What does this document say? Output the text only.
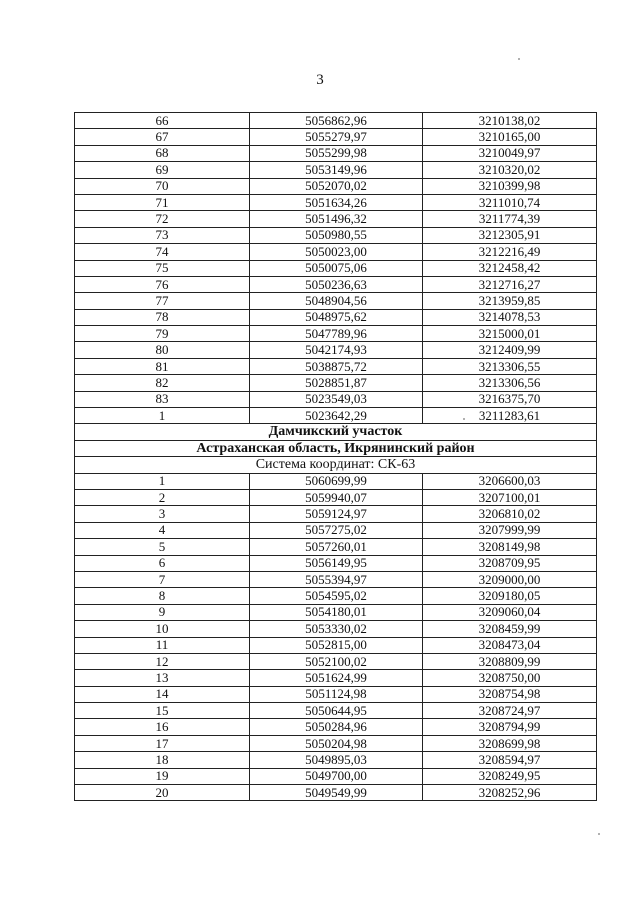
3
66	5056862,96	3210138,02
67	5055279,97	3210165,00
68	5055299,98	3210049,97
69	5053149,96	3210320,02
70	5052070,02	3210399,98
71	5051634,26	3211010,74
72	5051496,32	3211774,39
73	5050980,55	3212305,91
74	5050023,00	3212216,49
75	5050075,06	3212458,42
76	5050236,63	3212716,27
77	5048904,56	3213959,85
78	5048975,62	3214078,53
79	5047789,96	3215000,01
80	5042174,93	3212409,99
81	5038875,72	3213306,55
82	5028851,87	3213306,56
83	5023549,03	3216375,70
1	5023642,29	3211283,61
Дамчикский участок		
Астраханская область, Икрянинский район		
Система координат: СК-63		
1	5060699,99	3206600,03
2	5059940,07	3207100,01
3	5059124,97	3206810,02
4	5057275,02	3207999,99
5	5057260,01	3208149,98
6	5056149,95	3208709,95
7	5055394,97	3209000,00
8	5054595,02	3209180,05
9	5054180,01	3209060,04
10	5053330,02	3208459,99
11	5052815,00	3208473,04
12	5052100,02	3208809,99
13	5051624,99	3208750,00
14	5051124,98	3208754,98
15	5050644,95	3208724,97
16	5050284,96	3208794,99
17	5050204,98	3208699,98
18	5049895,03	3208594,97
19	5049700,00	3208249,95
20	5049549,99	3208252,96
